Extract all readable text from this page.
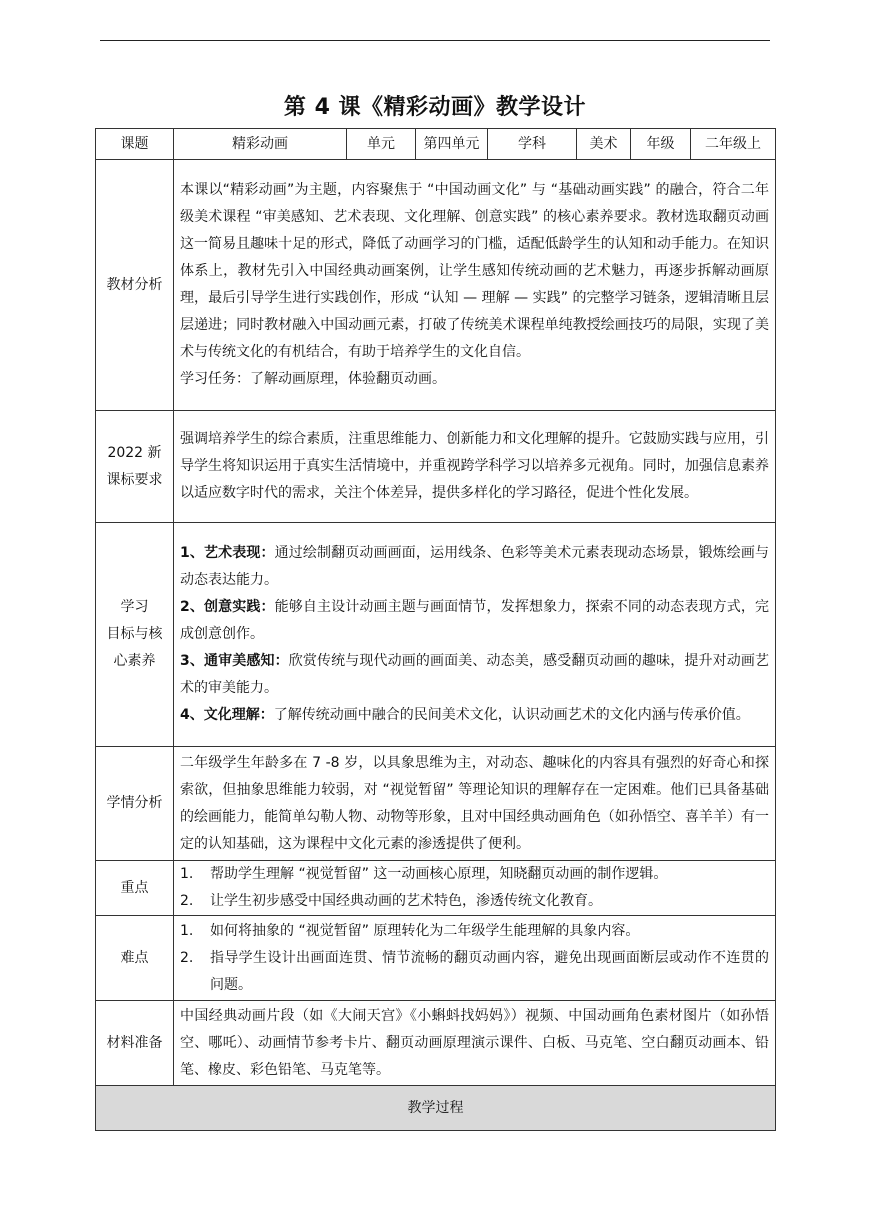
第 4 课《精彩动画》教学设计
课题	精彩动画	单元	第四单元	学科	美术	年级	二年级上
教材分析	本课以“精彩动画”为主题，内容聚焦于 “中国动画文化” 与 “基础动画实践” 的融合，符合二年级美术课程 “审美感知、艺术表现、文化理解、创意实践” 的核心素养要求。教材选取翻页动画这一简易且趣味十足的形式，降低了动画学习的门槛，适配低龄学生的认知和动手能力。在知识体系上，教材先引入中国经典动画案例，让学生感知传统动画的艺术魅力，再逐步拆解动画原理，最后引导学生进行实践创作，形成 “认知 — 理解 — 实践” 的完整学习链条，逻辑清晰且层层递进；同时教材融入中国动画元素，打破了传统美术课程单纯教授绘画技巧的局限，实现了美术与传统文化的有机结合，有助于培养学生的文化自信。
学习任务：了解动画原理，体验翻页动画。						

2022 新
课标要求	强调培养学生的综合素质，注重思维能力、创新能力和文化理解的提升。它鼓励实践与应用，引导学生将知识运用于真实生活情境中，并重视跨学科学习以培养多元视角。同时，加强信息素养以适应数字时代的需求，关注个体差异，提供多样化的学习路径，促进个性化发展。						

学习
目标与核
心素养	1、艺术表现：通过绘制翻页动画画面，运用线条、色彩等美术元素表现动态场景，锻炼绘画与动态表达能力。
2、创意实践：能够自主设计动画主题与画面情节，发挥想象力，探索不同的动态表现方式，完成创意创作。
3、通审美感知：欣赏传统与现代动画的画面美、动态美，感受翻页动画的趣味，提升对动画艺术的审美能力。
4、文化理解：了解传统动画中融合的民间美术文化，认识动画艺术的文化内涵与传承价值。						

学情分析	二年级学生年龄多在 7 -8 岁，以具象思维为主，对动态、趣味化的内容具有强烈的好奇心和探索欲，但抽象思维能力较弱，对 “视觉暂留” 等理论知识的理解存在一定困难。他们已具备基础的绘画能力，能简单勾勒人物、动物等形象，且对中国经典动画角色（如孙悟空、喜羊羊）有一定的认知基础，这为课程中文化元素的渗透提供了便利。						
重点	1. 帮助学生理解 “视觉暂留” 这一动画核心原理，知晓翻页动画的制作逻辑。
2. 让学生初步感受中国经典动画的艺术特色，渗透传统文化教育。						

难点	1. 如何将抽象的 “视觉暂留” 原理转化为二年级学生能理解的具象内容。
2. 指导学生设计出画面连贯、情节流畅的翻页动画内容，避免出现画面断层或动作不连贯的问题。						

材料准备	中国经典动画片段（如《大闹天宫》《小蝌蚪找妈妈》）视频、中国动画角色素材图片（如孙悟空、哪吒）、动画情节参考卡片、翻页动画原理演示课件、白板、马克笔、空白翻页动画本、铅笔、橡皮、彩色铅笔、马克笔等。						
教学过程							
